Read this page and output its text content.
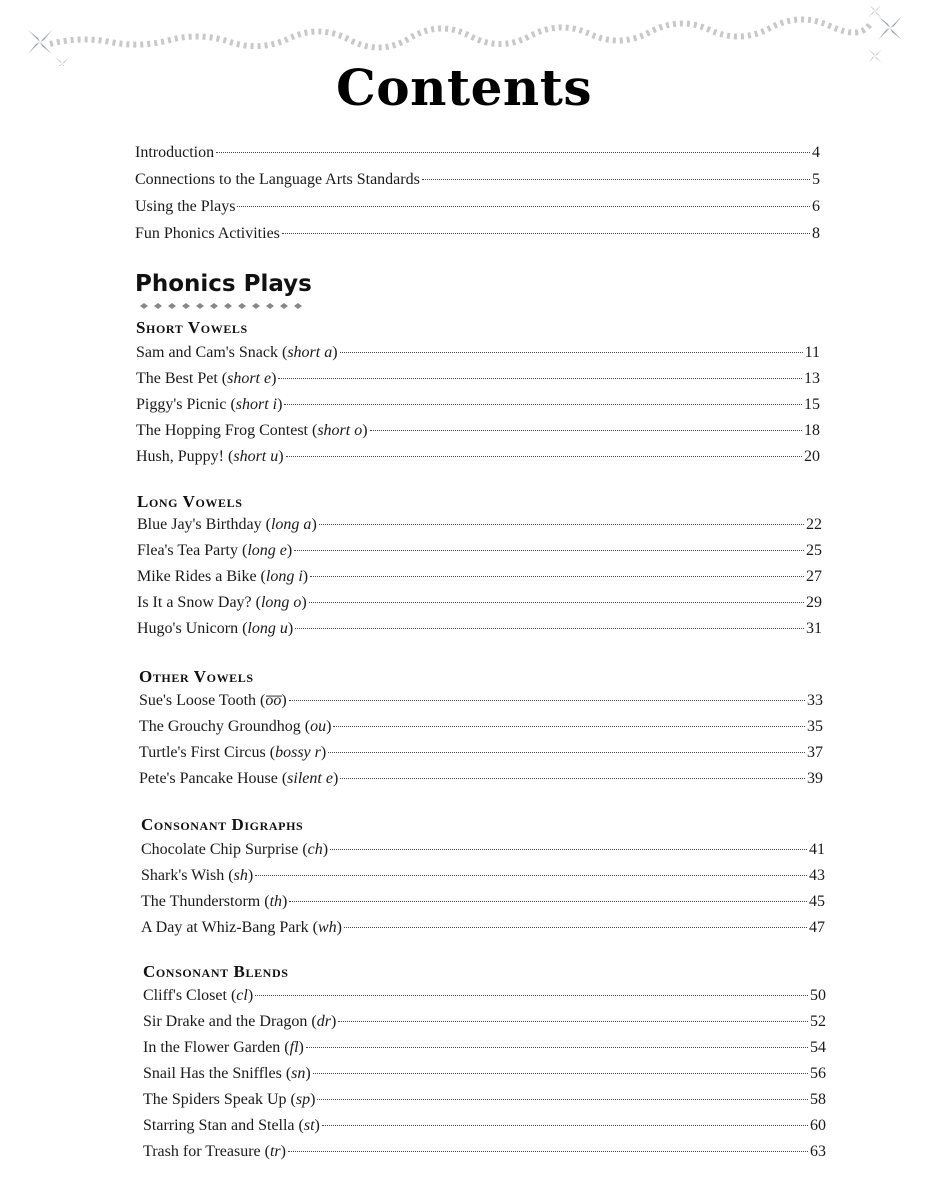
Contents
Introduction	4
Connections to the Language Arts Standards	5
Using the Plays	6
Fun Phonics Activities	8
Phonics Plays
Short Vowels
Sam and Cam's Snack (short a)	11
The Best Pet (short e)	13
Piggy's Picnic (short i)	15
The Hopping Frog Contest (short o)	18
Hush, Puppy! (short u)	20
Long Vowels
Blue Jay's Birthday (long a)	22
Flea's Tea Party (long e)	25
Mike Rides a Bike (long i)	27
Is It a Snow Day? (long o)	29
Hugo's Unicorn (long u)	31
Other Vowels
Sue's Loose Tooth (o̅o̅)	33
The Grouchy Groundhog (ou)	35
Turtle's First Circus (bossy r)	37
Pete's Pancake House (silent e)	39
Consonant Digraphs
Chocolate Chip Surprise (ch)	41
Shark's Wish (sh)	43
The Thunderstorm (th)	45
A Day at Whiz-Bang Park (wh)	47
Consonant Blends
Cliff's Closet (cl)	50
Sir Drake and the Dragon (dr)	52
In the Flower Garden (fl)	54
Snail Has the Sniffles (sn)	56
The Spiders Speak Up (sp)	58
Starring Stan and Stella (st)	60
Trash for Treasure (tr)	63
